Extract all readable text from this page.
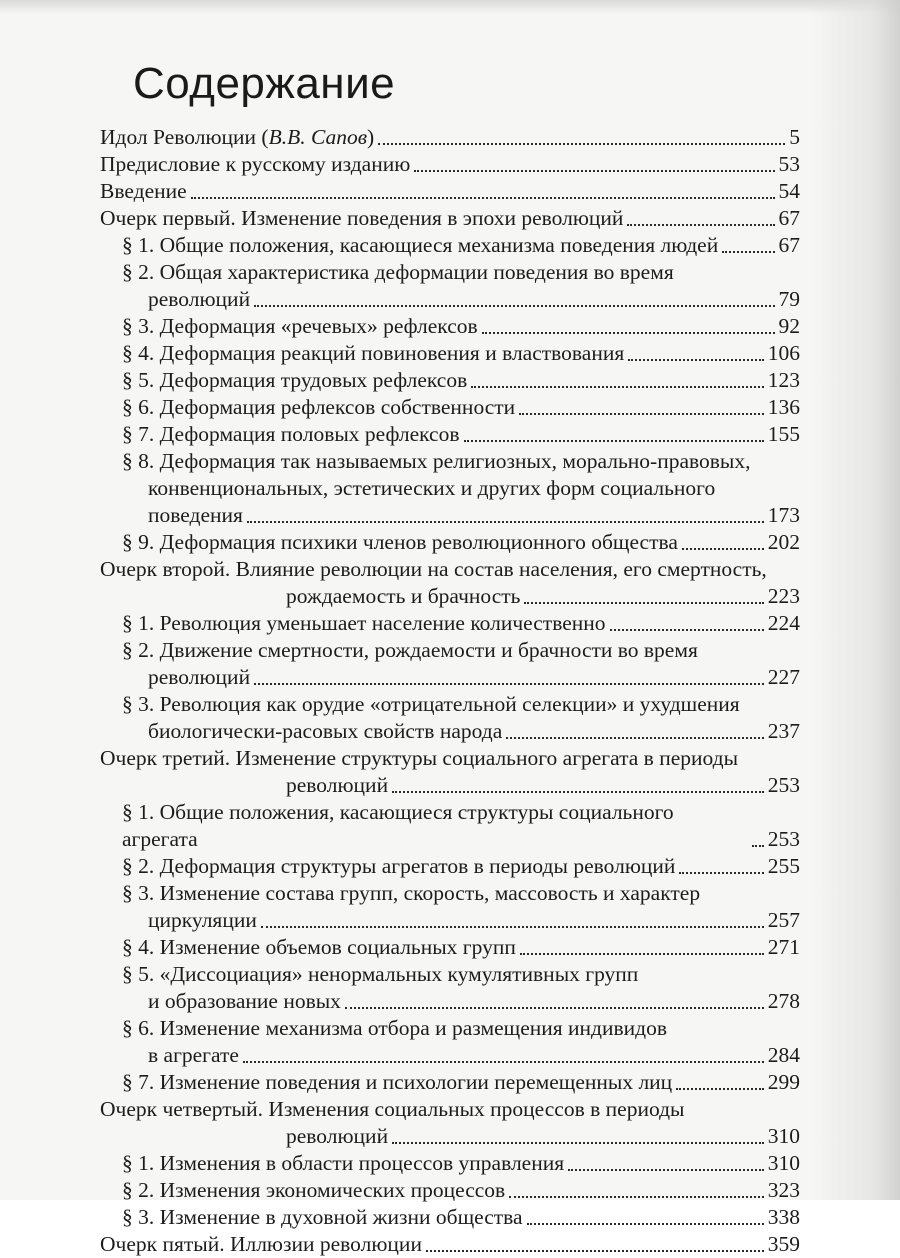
Содержание
Идол Революции (В.В. Сапов)	5
Предисловие к русскому изданию	53
Введение	54
Очерк первый. Изменение поведения в эпохи революций	67
§ 1. Общие положения, касающиеся механизма поведения людей	67
§ 2. Общая характеристика деформации поведения во время
революций	79
§ 3. Деформация «речевых» рефлексов	92
§ 4. Деформация реакций повиновения и властвования	106
§ 5. Деформация трудовых рефлексов	123
§ 6. Деформация рефлексов собственности	136
§ 7. Деформация половых рефлексов	155
§ 8. Деформация так называемых религиозных, морально-правовых,
конвенциональных, эстетических и других форм социального
поведения	173
§ 9. Деформация психики членов революционного общества	202
Очерк второй. Влияние революции на состав населения, его смертность,
рождаемость и брачность	223
§ 1. Революция уменьшает население количественно	224
§ 2. Движение смертности, рождаемости и брачности во время
революций	227
§ 3. Революция как орудие «отрицательной селекции» и ухудшения
биологически-расовых свойств народа	237
Очерк третий. Изменение структуры социального агрегата в периоды
революций	253
§ 1. Общие положения, касающиеся структуры социального агрегата	253
§ 2. Деформация структуры агрегатов в периоды революций	255
§ 3. Изменение состава групп, скорость, массовость и характер
циркуляции	257
§ 4. Изменение объемов социальных групп	271
§ 5. «Диссоциация» ненормальных кумулятивных групп
и образование новых	278
§ 6. Изменение механизма отбора и размещения индивидов
в агрегате	284
§ 7. Изменение поведения и психологии перемещенных лиц	299
Очерк четвертый. Изменения социальных процессов в периоды
революций	310
§ 1. Изменения в области процессов управления	310
§ 2. Изменения экономических процессов	323
§ 3. Изменение в духовной жизни общества	338
Очерк пятый. Иллюзии революции	359
